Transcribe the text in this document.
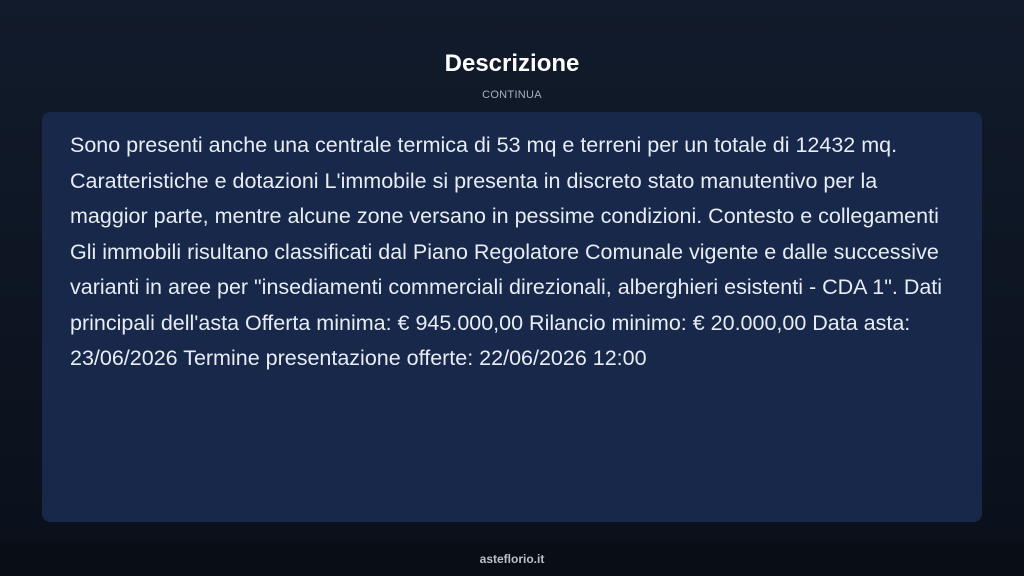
Descrizione
CONTINUA

Sono presenti anche una centrale termica di 53 mq e terreni per un totale di 12432 mq. Caratteristiche e dotazioni L'immobile si presenta in discreto stato manutentivo per la maggior parte, mentre alcune zone versano in pessime condizioni. Contesto e collegamenti Gli immobili risultano classificati dal Piano Regolatore Comunale vigente e dalle successive varianti in aree per "insediamenti commerciali direzionali, alberghieri esistenti - CDA 1". Dati principali dell'asta Offerta minima: € 945.000,00 Rilancio minimo: € 20.000,00 Data asta: 23/06/2026 Termine presentazione offerte: 22/06/2026 12:00

asteflorio.it
